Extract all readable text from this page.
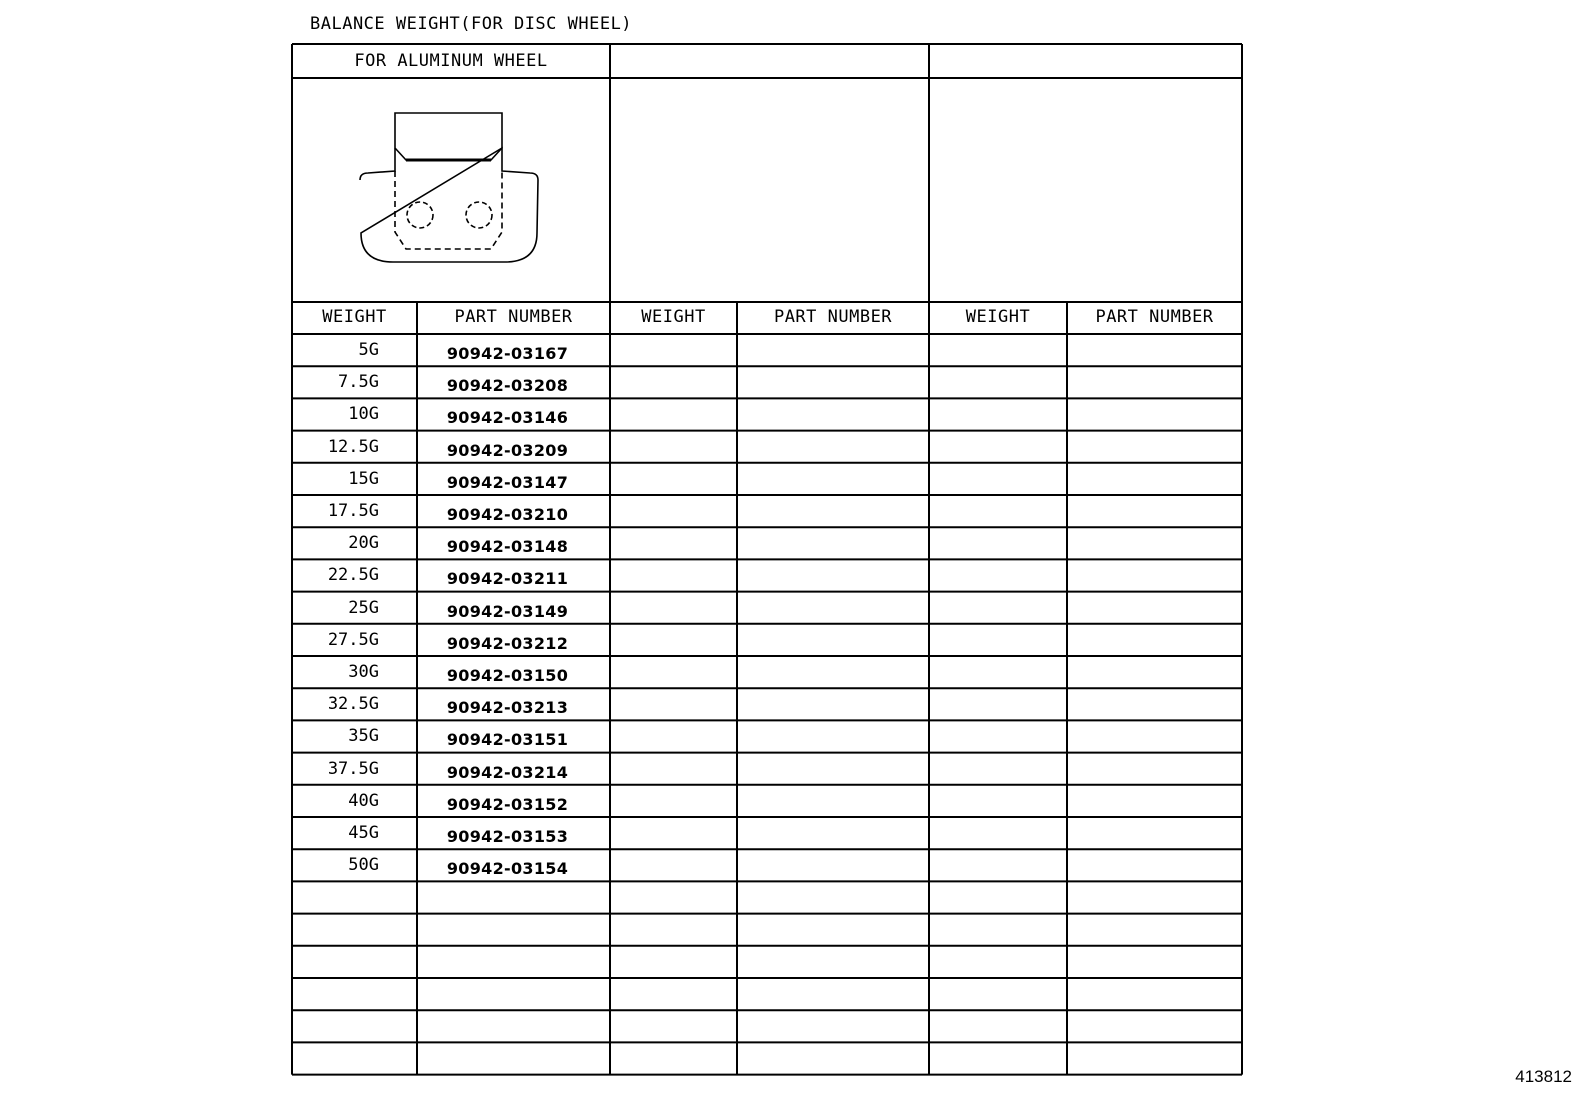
BALANCE WEIGHT(FOR DISC WHEEL)
FOR ALUMINUM WHEEL
WEIGHT	PART NUMBER	WEIGHT	PART NUMBER	WEIGHT	PART NUMBER
5G	90942-03167
7.5G	90942-03208
10G	90942-03146
12.5G	90942-03209
15G	90942-03147
17.5G	90942-03210
20G	90942-03148
22.5G	90942-03211
25G	90942-03149
27.5G	90942-03212
30G	90942-03150
32.5G	90942-03213
35G	90942-03151
37.5G	90942-03214
40G	90942-03152
45G	90942-03153
50G	90942-03154
413812
